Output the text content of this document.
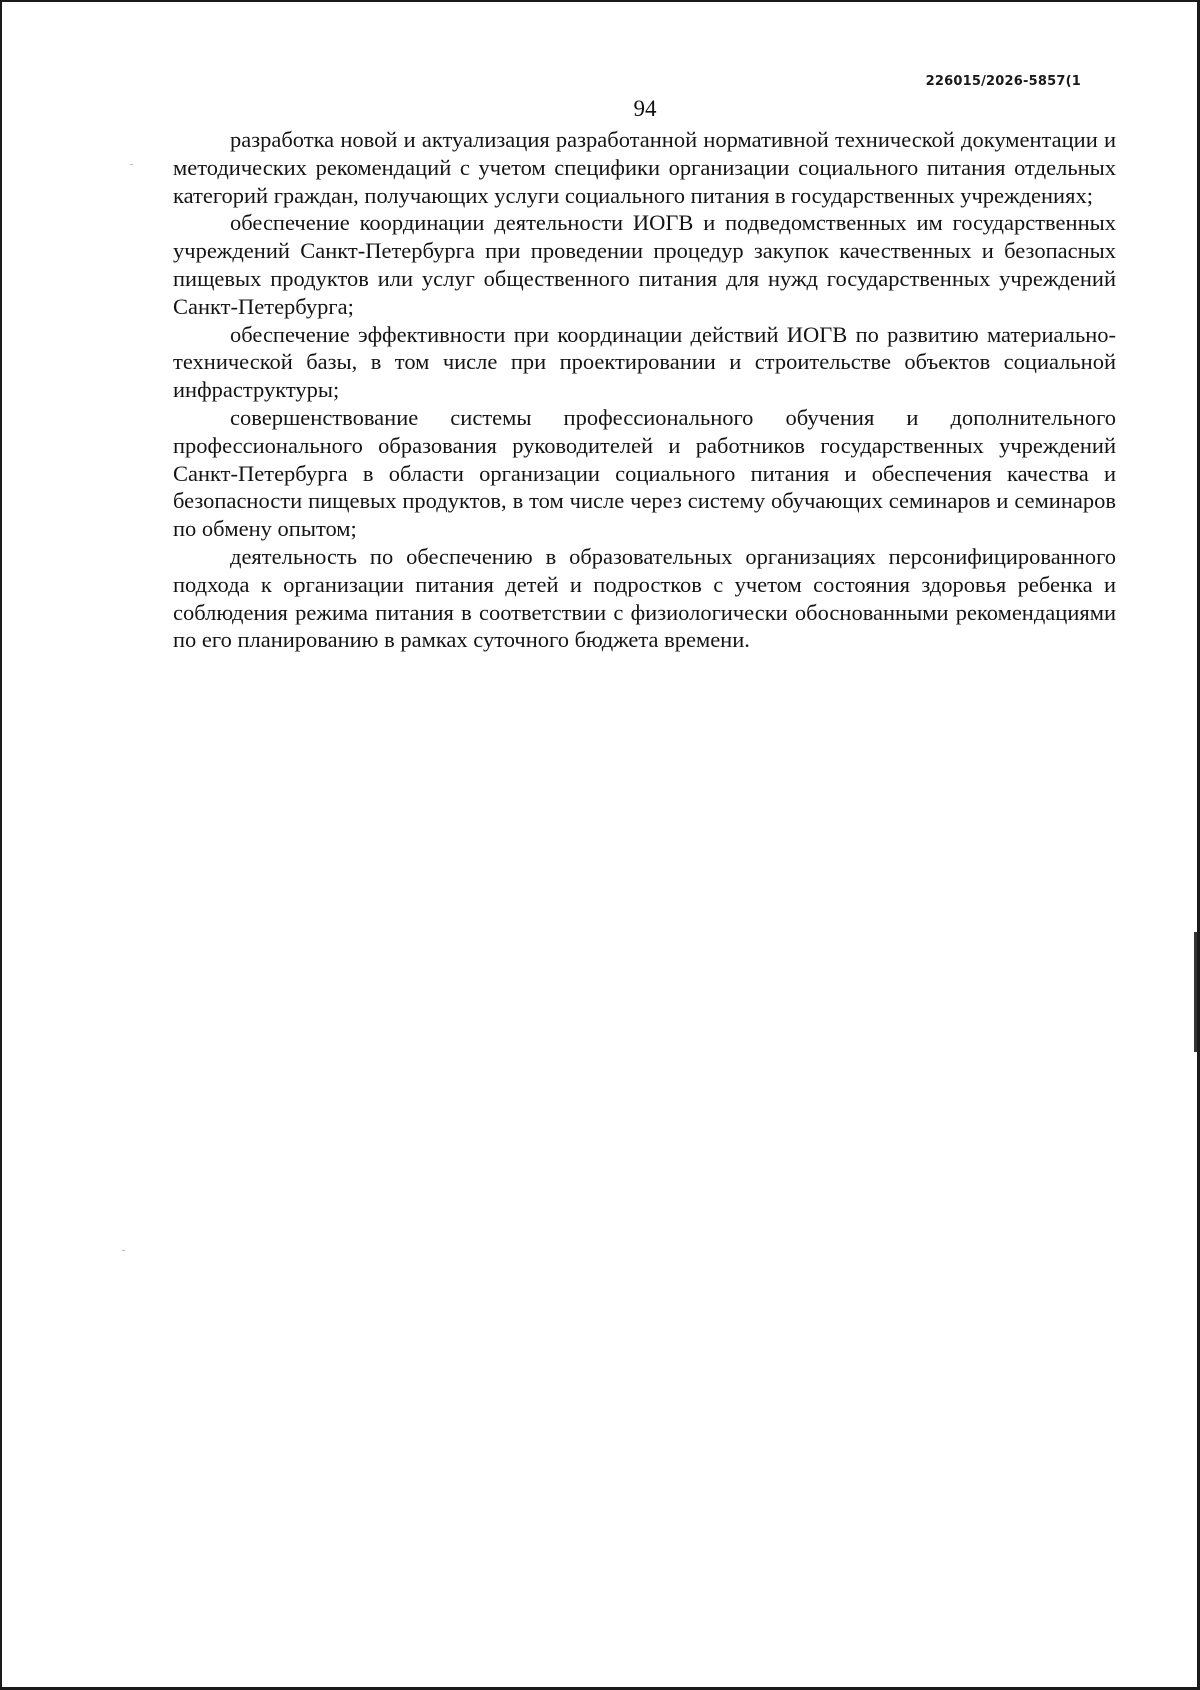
226015/2026-5857(1
94

разработка новой и актуализация разработанной нормативной технической документации и методических рекомендаций с учетом специфики организации социального питания отдельных категорий граждан, получающих услуги социального питания в государственных учреждениях;

обеспечение координации деятельности ИОГВ и подведомственных им государственных учреждений Санкт-Петербурга при проведении процедур закупок качественных и безопасных пищевых продуктов или услуг общественного питания для нужд государственных учреждений Санкт-Петербурга;

обеспечение эффективности при координации действий ИОГВ по развитию материально-технической базы, в том числе при проектировании и строительстве объектов социальной инфраструктуры;

совершенствование системы профессионального обучения и дополнительного профессионального образования руководителей и работников государственных учреждений Санкт-Петербурга в области организации социального питания и обеспечения качества и безопасности пищевых продуктов, в том числе через систему обучающих семинаров и семинаров по обмену опытом;

деятельность по обеспечению в образовательных организациях персонифицированного подхода к организации питания детей и подростков с учетом состояния здоровья ребенка и соблюдения режима питания в соответствии с физиологически обоснованными рекомендациями по его планированию в рамках суточного бюджета времени.
